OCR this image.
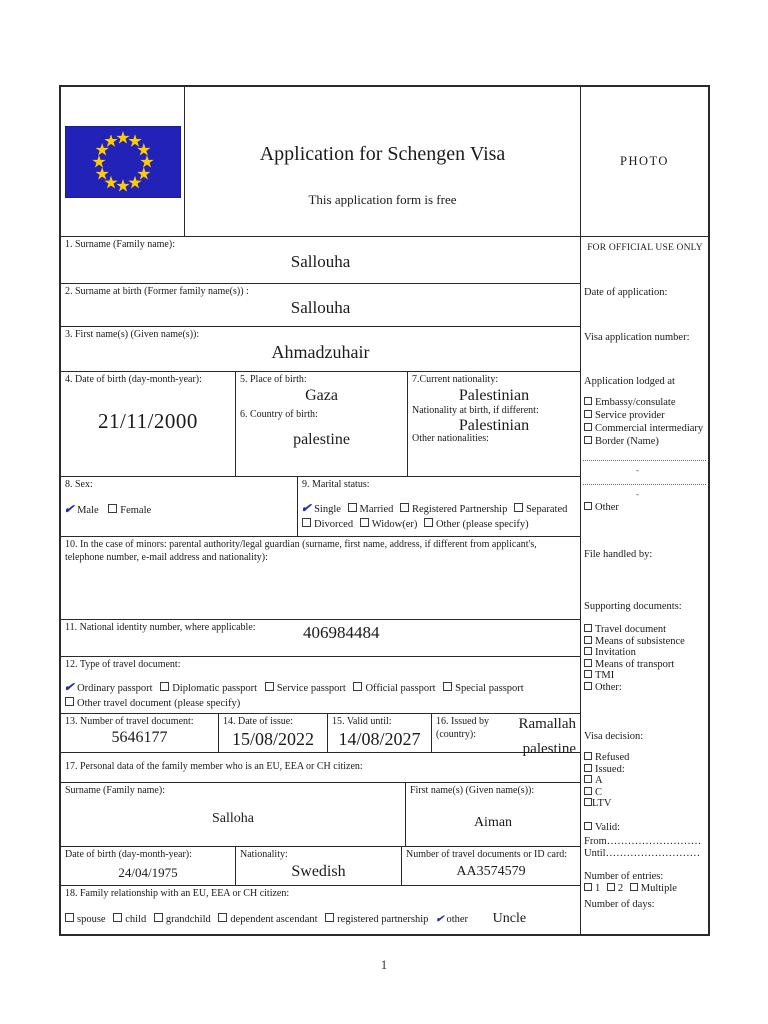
Application for Schengen Visa
This application form is free
1. Surname (Family name):
Sallouha
2. Surname at birth (Former family name(s)) :
Sallouha
3. First name(s) (Given name(s)):
Ahmadzuhair
4. Date of birth (day-month-year):
21/11/2000
5. Place of birth:
Gaza
6. Country of birth:
palestine
7.Current nationality:
Palestinian
Nationality at birth, if different:
Palestinian
Other nationalities:
8. Sex:
✔Male Female
9. Marital status:
✔Single Married Registered Partnership Separated
Divorced Widow(er) Other (please specify)
10. In the case of minors: parental authority/legal guardian (surname, first name, address, if different from applicant's, telephone number, e-mail address and nationality):
11. National identity number, where applicable:	406984484
12. Type of travel document:
✔Ordinary passport Diplomatic passport Service passport Official passport Special passport
Other travel document (please specify)
13. Number of travel document:
5646177
14. Date of issue:
15/08/2022
15. Valid until:
14/08/2027
16. Issued by (country):
Ramallah
palestine
17. Personal data of the family member who is an EU, EEA or CH citizen:
Surname (Family name):
Salloha
First name(s) (Given name(s)):
Aiman
Date of birth (day-month-year):
24/04/1975
Nationality:
Swedish
Number of travel documents or ID card:
AA3574579
18. Family relationship with an EU, EEA or CH citizen:
spouse child grandchild dependent ascendant registered partnership ✔ other Uncle
PHOTO
FOR OFFICIAL USE ONLY
Date of application:
Visa application number:
Application lodged at
Embassy/consulate
Service provider
Commercial intermediary
Border (Name)
-
-
Other
File handled by:
Supporting documents:
Travel document
Means of subsistence
Invitation
Means of transport
TMI
Other:
Visa decision:
Refused
Issued:
A
C
LTV
Valid:
From………………………
Until………………………
Number of entries:
1 2 Multiple
Number of days:
1
